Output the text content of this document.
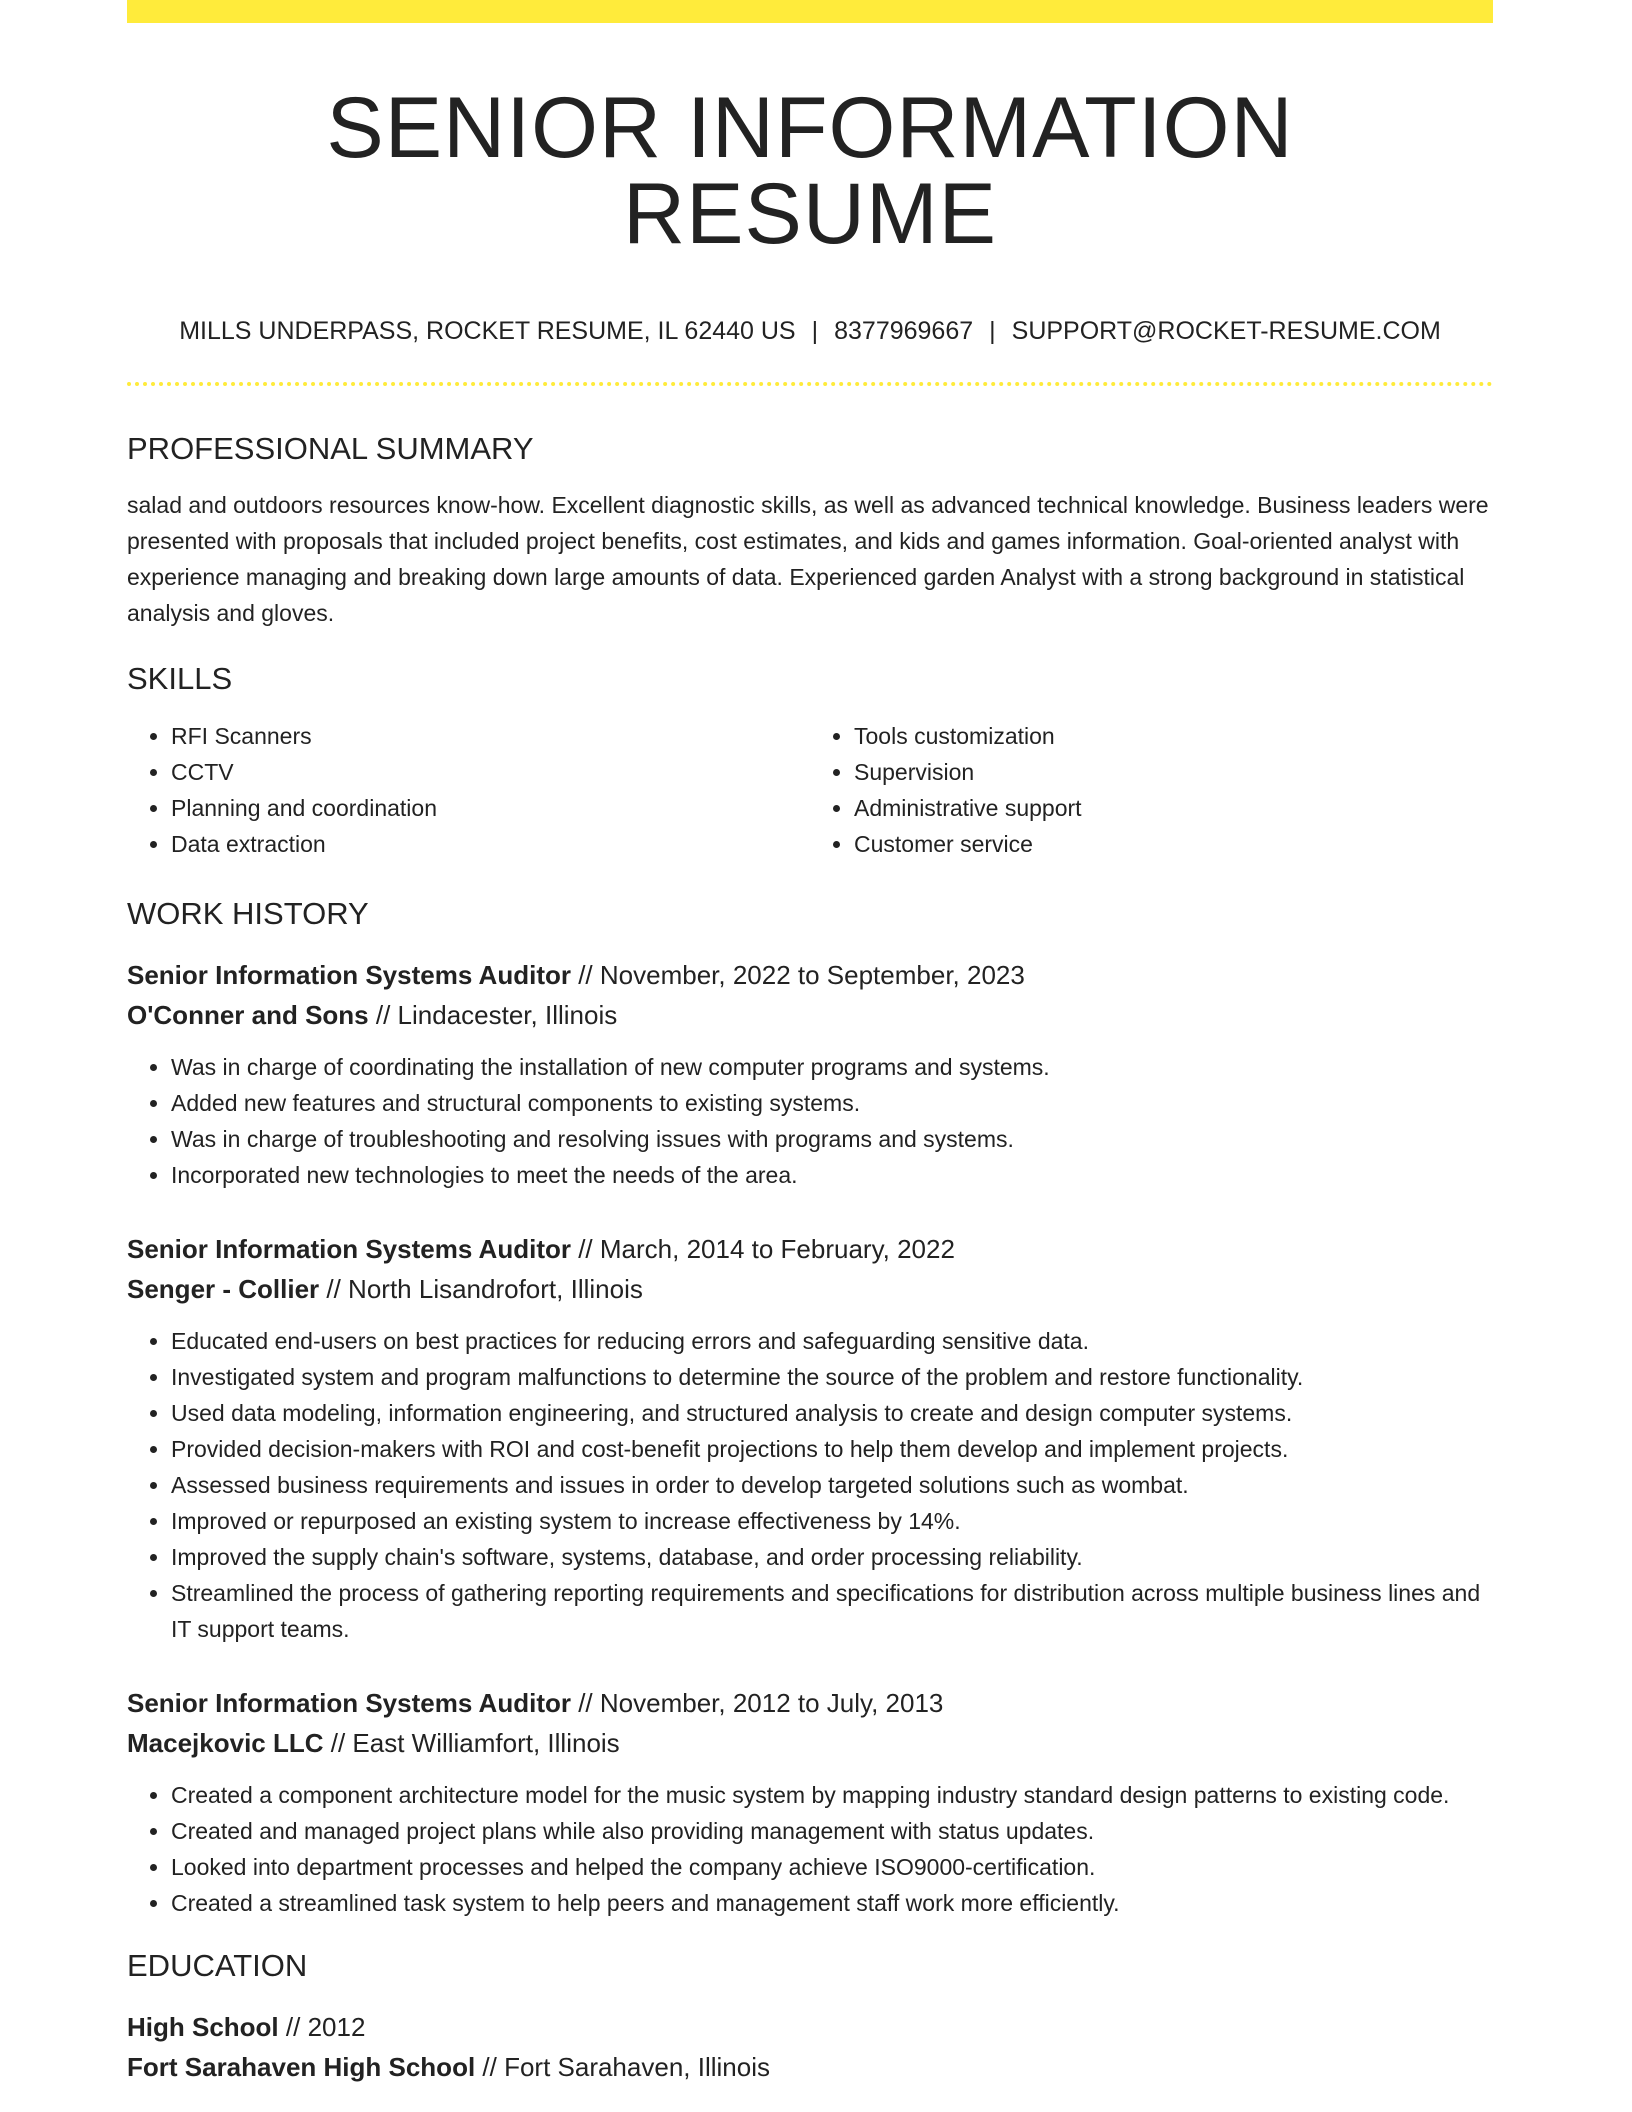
SENIOR INFORMATION RESUME
MILLS UNDERPASS, ROCKET RESUME, IL 62440 US | 8377969667 | SUPPORT@ROCKET-RESUME.COM
PROFESSIONAL SUMMARY
salad and outdoors resources know-how. Excellent diagnostic skills, as well as advanced technical knowledge. Business leaders were presented with proposals that included project benefits, cost estimates, and kids and games information. Goal-oriented analyst with experience managing and breaking down large amounts of data. Experienced garden Analyst with a strong background in statistical analysis and gloves.
SKILLS
• RFI Scanners
• CCTV
• Planning and coordination
• Data extraction
• Tools customization
• Supervision
• Administrative support
• Customer service
WORK HISTORY
Senior Information Systems Auditor // November, 2022 to September, 2023
O'Conner and Sons // Lindacester, Illinois
• Was in charge of coordinating the installation of new computer programs and systems.
• Added new features and structural components to existing systems.
• Was in charge of troubleshooting and resolving issues with programs and systems.
• Incorporated new technologies to meet the needs of the area.
Senior Information Systems Auditor // March, 2014 to February, 2022
Senger - Collier // North Lisandrofort, Illinois
• Educated end-users on best practices for reducing errors and safeguarding sensitive data.
• Investigated system and program malfunctions to determine the source of the problem and restore functionality.
• Used data modeling, information engineering, and structured analysis to create and design computer systems.
• Provided decision-makers with ROI and cost-benefit projections to help them develop and implement projects.
• Assessed business requirements and issues in order to develop targeted solutions such as wombat.
• Improved or repurposed an existing system to increase effectiveness by 14%.
• Improved the supply chain's software, systems, database, and order processing reliability.
• Streamlined the process of gathering reporting requirements and specifications for distribution across multiple business lines and IT support teams.
Senior Information Systems Auditor // November, 2012 to July, 2013
Macejkovic LLC // East Williamfort, Illinois
• Created a component architecture model for the music system by mapping industry standard design patterns to existing code.
• Created and managed project plans while also providing management with status updates.
• Looked into department processes and helped the company achieve ISO9000-certification.
• Created a streamlined task system to help peers and management staff work more efficiently.
EDUCATION
High School // 2012
Fort Sarahaven High School // Fort Sarahaven, Illinois
